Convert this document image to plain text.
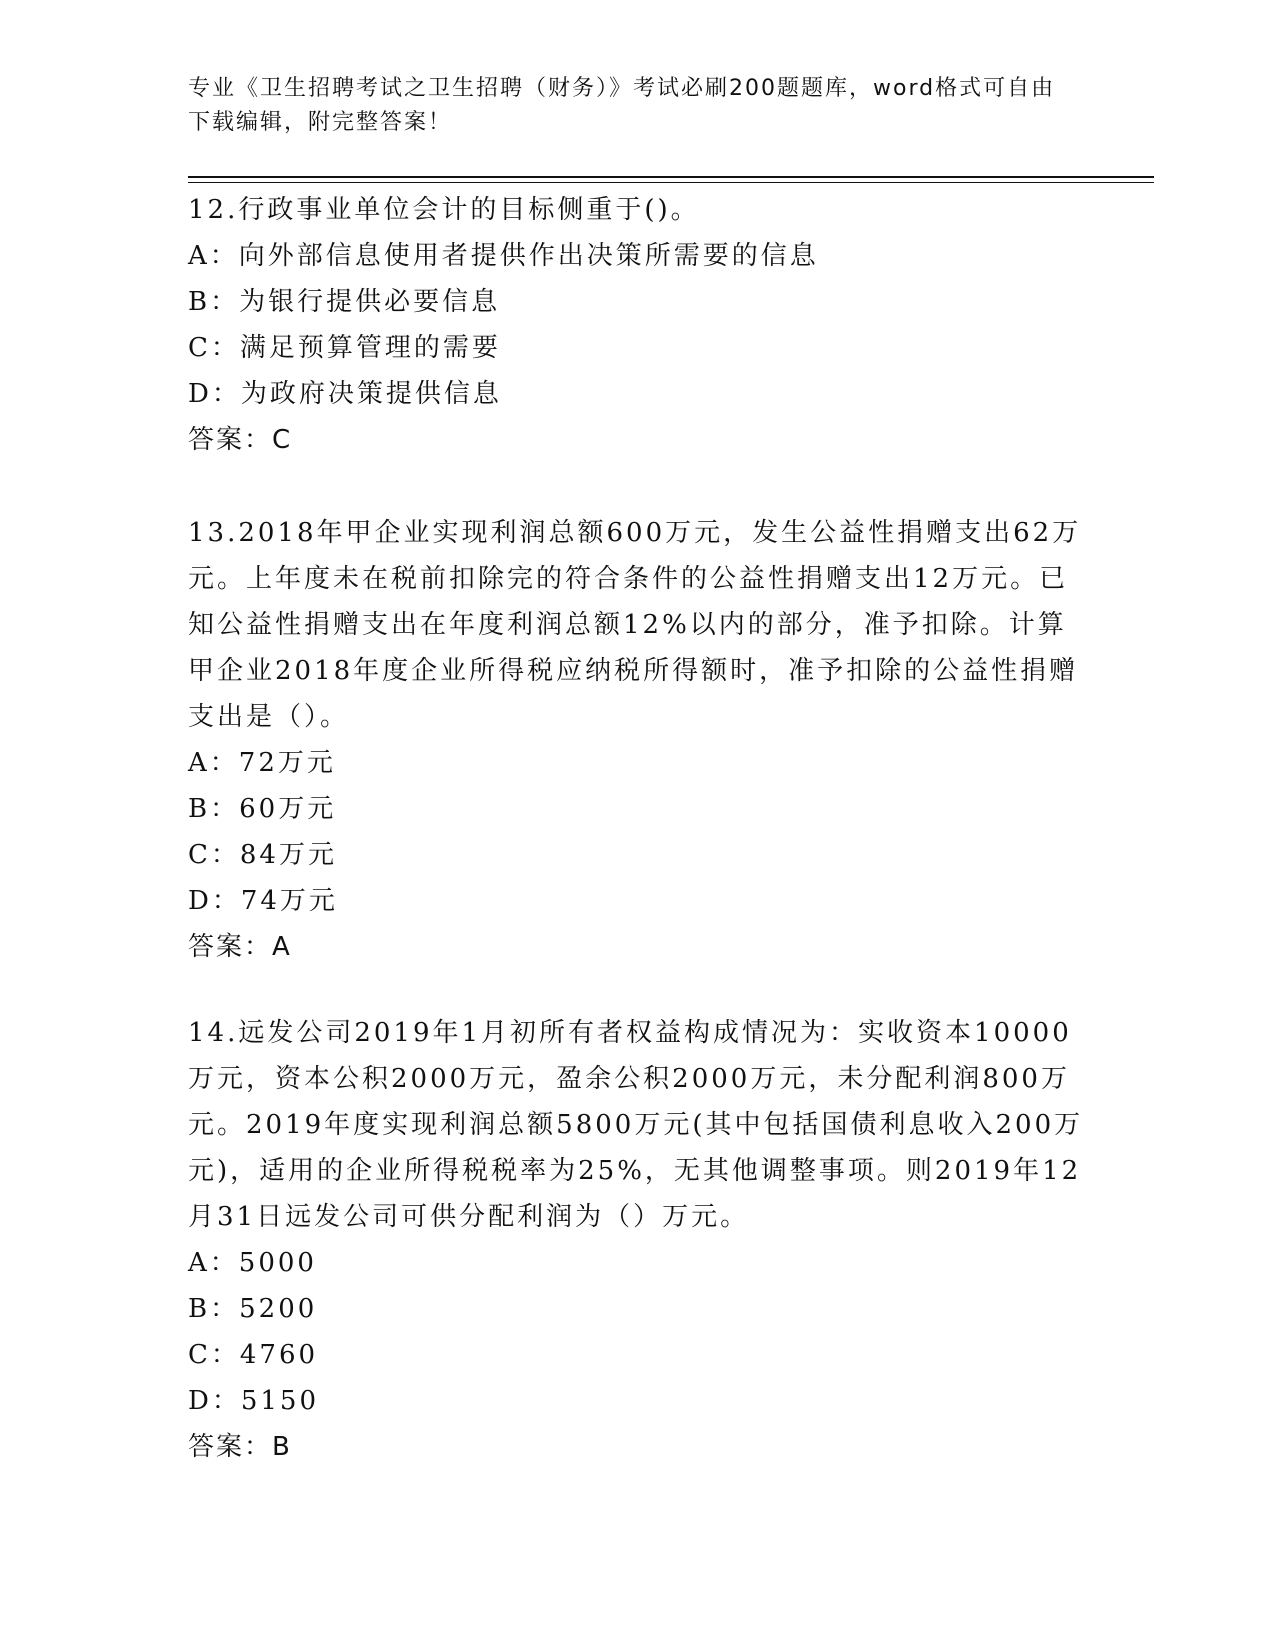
专业《卫生招聘考试之卫生招聘（财务）》考试必刷200题题库，word格式可自由下载编辑，附完整答案！

12.行政事业单位会计的目标侧重于()。

A：向外部信息使用者提供作出决策所需要的信息

B：为银行提供必要信息

C：满足预算管理的需要

D：为政府决策提供信息

答案：C

13.2018年甲企业实现利润总额600万元，发生公益性捐赠支出62万元。上年度未在税前扣除完的符合条件的公益性捐赠支出12万元。已知公益性捐赠支出在年度利润总额12%以内的部分，准予扣除。计算甲企业2018年度企业所得税应纳税所得额时，准予扣除的公益性捐赠支出是（）。

A：72万元

B：60万元

C：84万元

D：74万元

答案：A

14.远发公司2019年1月初所有者权益构成情况为：实收资本10000万元，资本公积2000万元，盈余公积2000万元，未分配利润800万元。2019年度实现利润总额5800万元(其中包括国债利息收入200万元)，适用的企业所得税税率为25%，无其他调整事项。则2019年12月31日远发公司可供分配利润为（）万元。

A：5000

B：5200

C：4760

D：5150

答案：B
